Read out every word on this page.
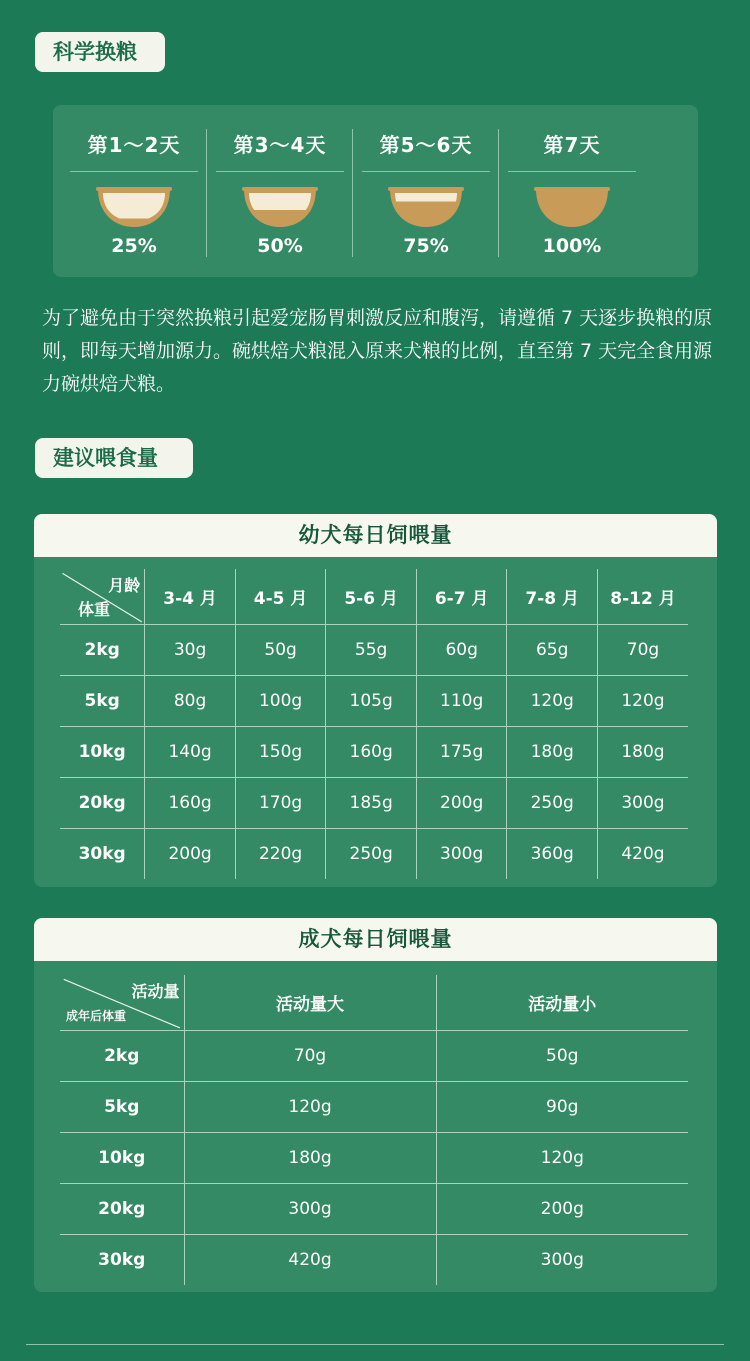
科学换粮
第1～2天
25%
第3～4天
50%
第5～6天
75%
第7天
100%
为了避免由于突然换粮引起爱宠肠胃刺激反应和腹泻，请遵循 7 天逐步换粮的原则，即每天增加源力。碗烘焙犬粮混入原来犬粮的比例，直至第 7 天完全食用源力碗烘焙犬粮。
建议喂食量
幼犬每日饲喂量
月龄
体重	3-4 月	4-5 月	5-6 月	6-7 月	7-8 月	8-12 月
2kg	30g	50g	55g	60g	65g	70g
5kg	80g	100g	105g	110g	120g	120g
10kg	140g	150g	160g	175g	180g	180g
20kg	160g	170g	185g	200g	250g	300g
30kg	200g	220g	250g	300g	360g	420g
成犬每日饲喂量
活动量
成年后体重	活动量大	活动量小
2kg	70g	50g
5kg	120g	90g
10kg	180g	120g
20kg	300g	200g
30kg	420g	300g
